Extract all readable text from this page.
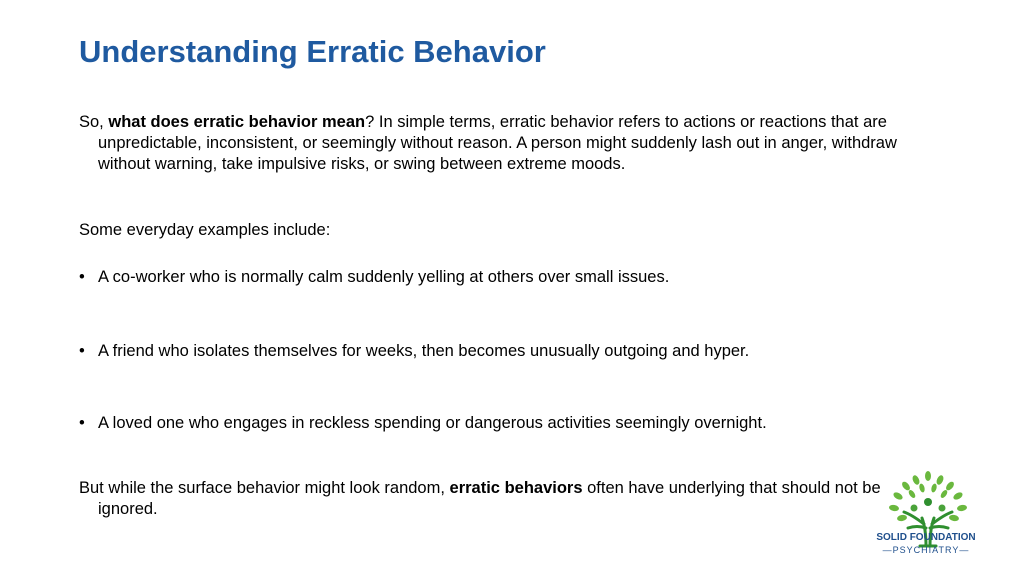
Understanding Erratic Behavior
So, what does erratic behavior mean? In simple terms, erratic behavior refers to actions or reactions that are unpredictable, inconsistent, or seemingly without reason. A person might suddenly lash out in anger, withdraw without warning, take impulsive risks, or swing between extreme moods.
Some everyday examples include:
• A co-worker who is normally calm suddenly yelling at others over small issues.
• A friend who isolates themselves for weeks, then becomes unusually outgoing and hyper.
• A loved one who engages in reckless spending or dangerous activities seemingly overnight.
But while the surface behavior might look random, erratic behaviors often have underlying that should not be ignored.
SOLID FOUNDATION
—PSYCHIATRY—
